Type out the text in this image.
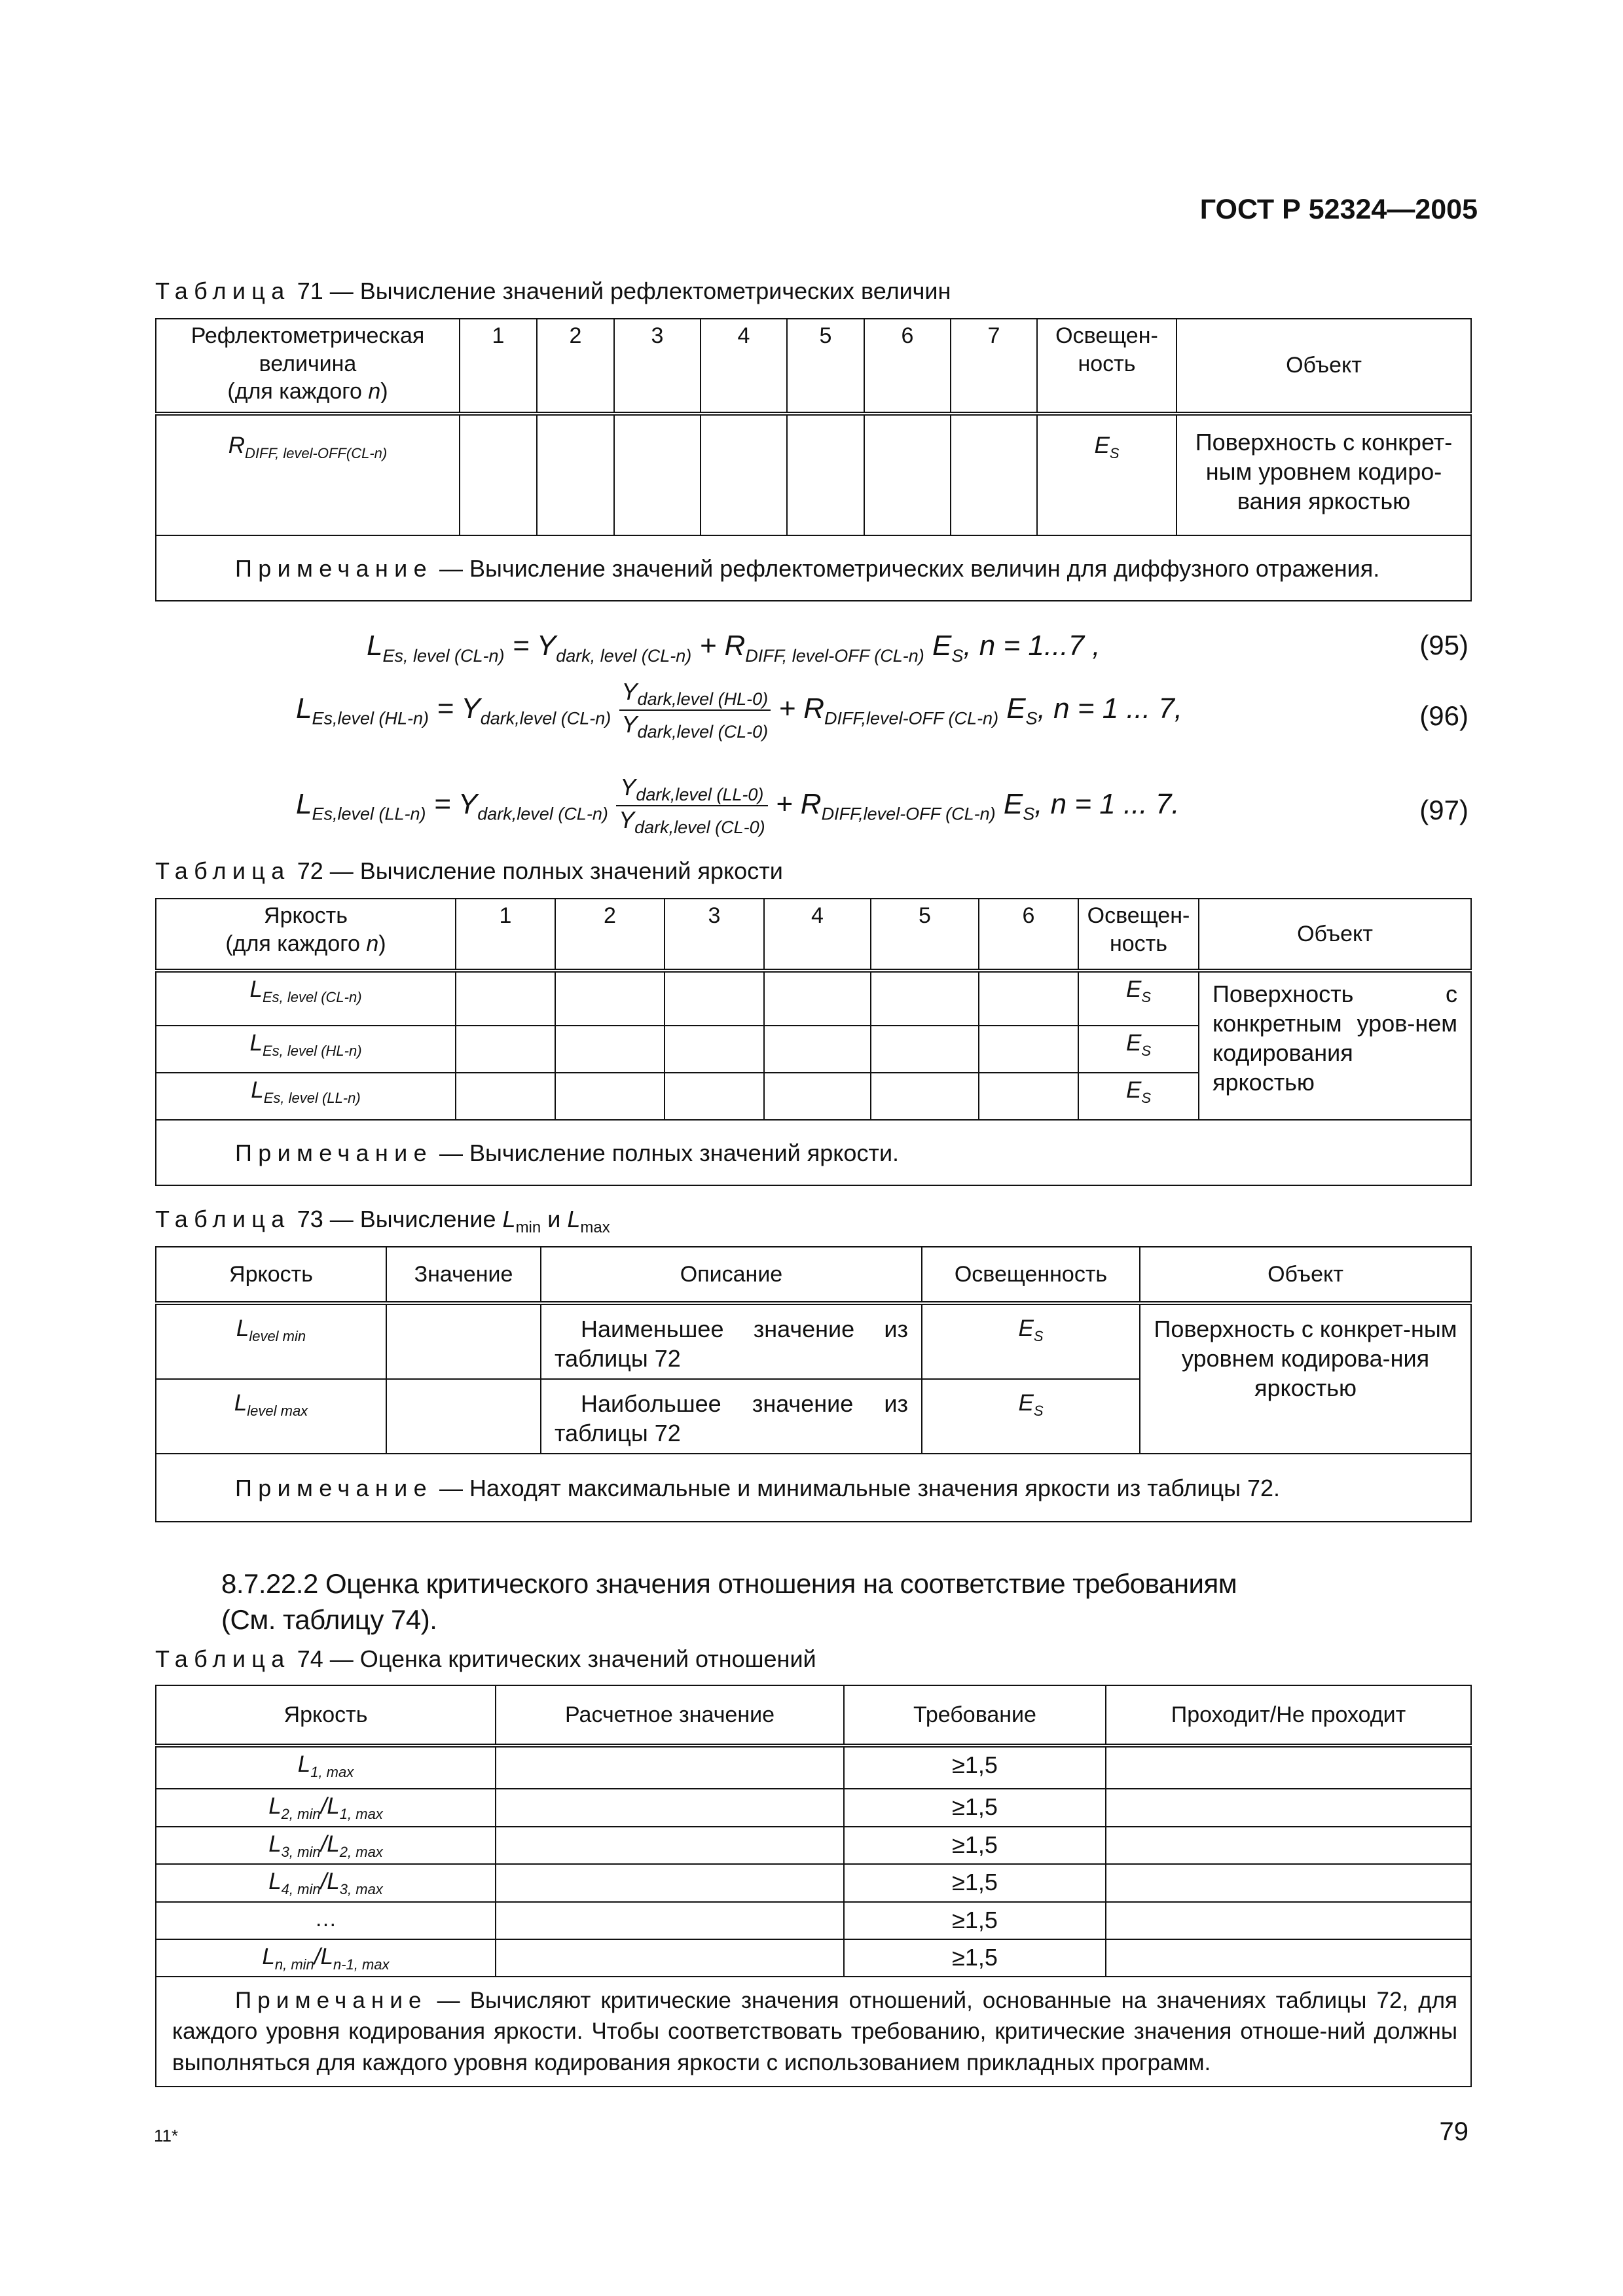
ГОСТ Р 52324—2005
Таблица 71 — Вычисление значений рефлектометрических величин
Рефлектометрическая величина
(для каждого n)	1	2	3	4	5	6	7	Освещен-
ность	Объект
$R_{DIFF, level-OFF(CL-n)}$								$E_S$	Поверхность с конкрет-ным уровнем кодиро-вания яркостью
Примечание — Вычисление значений рефлектометрических величин для диффузного отражения.									
$L_{Es, level (CL-n)} = Y_{dark, level (CL-n)} + R_{DIFF, level-OFF (CL-n)}$ $E_S$, n = 1...7 ,	(95)
$L_{Es,level (HL-n)} = Y_{dark,level (CL-n)} \frac{Y_{dark,level (HL-0)}}{Y_{dark,level (CL-0)}} + R_{DIFF,level-OFF (CL-n)}$ $E_S$, n = 1 ... 7,	(96)
$L_{Es,level (LL-n)} = Y_{dark,level (CL-n)} \frac{Y_{dark,level (LL-0)}}{Y_{dark,level (CL-0)}} + R_{DIFF,level-OFF (CL-n)}$ $E_S$, n = 1 ... 7.	(97)
Таблица 72 — Вычисление полных значений яркости
Яркость
(для каждого n)	1	2	3	4	5	6	Освещен-
ность	Объект
$L_{Es, level (CL-n)}$							$E_S$	Поверхность с конкретным уров-нем кодирования яркостью
$L_{Es, level (HL-n)}$							$E_S$
$L_{Es, level (LL-n)}$							$E_S$
Примечание — Вычисление полных значений яркости.								
Таблица 73 — Вычисление $L_{min}$ и $L_{max}$
Яркость	Значение	Описание	Освещенность	Объект
$L_{level min}$		Наименьшее значение из таблицы 72	$E_S$	Поверхность с конкрет-ным уровнем кодирова-ния яркостью
$L_{level max}$		Наибольшее значение из таблицы 72	$E_S$
Примечание — Находят максимальные и минимальные значения яркости из таблицы 72.				
8.7.22.2 Оценка критического значения отношения на соответствие требованиям (См. таблицу 74).
Таблица 74 — Оценка критических значений отношений
Яркость	Расчетное значение	Требование	Проходит/Не проходит
$L_{1, max}$		≥1,5	
$L_{2, min}/L_{1, max}$		≥1,5	
$L_{3, min}/L_{2, max}$		≥1,5	
$L_{4, min}/L_{3, max}$		≥1,5	
…		≥1,5	
$L_{n, min}/L_{n-1, max}$		≥1,5	
Примечание — Вычисляют критические значения отношений, основанные на значениях таблицы 72, для каждого уровня кодирования яркости. Чтобы соответствовать требованию, критические значения отноше-ний должны выполняться для каждого уровня кодирования яркости с использованием прикладных программ.			
11*	79
